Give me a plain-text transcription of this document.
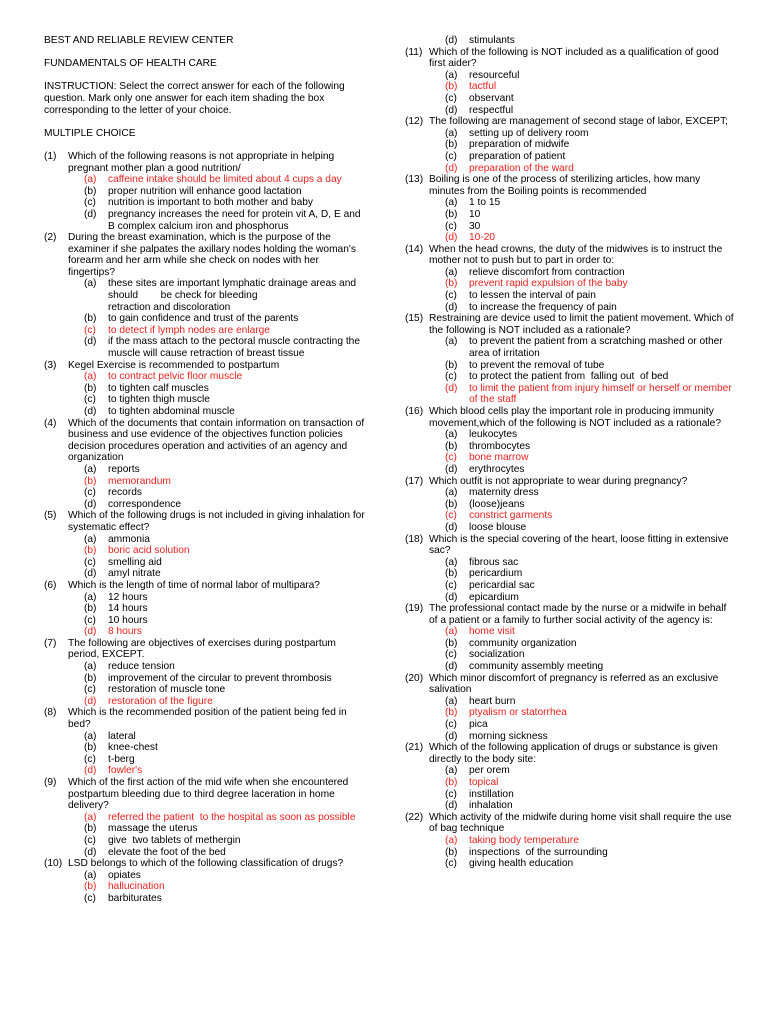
BEST AND RELIABLE REVIEW CENTER
FUNDAMENTALS OF HEALTH CARE
INSTRUCTION: Select the correct answer for each of the following question. Mark only one answer for each item shading the box corresponding to the letter of your choice.
MULTIPLE CHOICE
(1)	Which of the following reasons is not appropriate in helping pregnant mother plan a good nutrition/
(a)	caffeine intake should be limited about 4 cups a day
(b)	proper nutrition will enhance good lactation
(c)	nutrition is important to both mother and baby
(d)	pregnancy increases the need for protein vit A, D, E and B complex calcium iron and phosphorus
(2)	During the breast examination, which is the purpose of the examiner if she palpates the axillary nodes holding the woman's forearm and her arm while she check on nodes with her fingertips?
(a)	these sites are important lymphatic drainage areas and should        be check for bleeding
retraction and discoloration
(b)	to gain confidence and trust of the parents
(c)	to detect if lymph nodes are enlarge
(d)	if the mass attach to the pectoral muscle contracting the muscle will cause retraction of breast tissue
(3)	Kegel Exercise is recommended to postpartum
(a)	to contract pelvic floor muscle
(b)	to tighten calf muscles
(c)	to tighten thigh muscle
(d)	to tighten abdominal muscle
(4)	Which of the documents that contain information on transaction of business and use evidence of the objectives function policies decision procedures operation and activities of an agency and organization
(a)	reports
(b)	memorandum
(c)	records
(d)	correspondence
(5)	Which of the following drugs is not included in giving inhalation for systematic effect?
(a)	ammonia
(b)	boric acid solution
(c)	smelling aid
(d)	amyl nitrate
(6)	Which is the length of time of normal labor of multipara?
(a)	12 hours
(b)	14 hours
(c)	10 hours
(d)	8 hours
(7)	The following are objectives of exercises during postpartum period, EXCEPT.
(a)	reduce tension
(b)	improvement of the circular to prevent thrombosis
(c)	restoration of muscle tone
(d)	restoration of the figure
(8)	Which is the recommended position of the patient being fed in bed?
(a)	lateral
(b)	knee-chest
(c)	t-berg
(d)	fowler's
(9)	Which of the first action of the mid wife when she encountered postpartum bleeding due to third degree laceration in home delivery?
(a)	referred the patient  to the hospital as soon as possible
(b)	massage the uterus
(c)	give  two tablets of methergin
(d)	elevate the foot of the bed
(10) LSD belongs to which of the following classification of drugs?
(a)	opiates
(b)	hallucination
(c)	barbiturates
(d)	stimulants
(11) Which of the following is NOT included as a qualification of good first aider?
(a)	resourceful
(b)	tactful
(c)	observant
(d)	respectful
(12) The following are management of second stage of labor, EXCEPT;
(a)	setting up of delivery room
(b)	preparation of midwife
(c)	preparation of patient
(d)	preparation of the ward
(13) Boiling is one of the process of sterilizing articles, how many minutes from the Boiling points is recommended
(a)	1 to 15
(b)	10
(c)	30
(d)	10-20
(14) When the head crowns, the duty of the midwives is to instruct the mother not to push but to part in order to:
(a)	relieve discomfort from contraction
(b)	prevent rapid expulsion of the baby
(c)	to lessen the interval of pain
(d)	to increase the frequency of pain
(15) Restraining are device used to limit the patient movement. Which of the following is NOT included as a rationale?
(a)	to prevent the patient from a scratching mashed or other area of irritation
(b)	to prevent the removal of tube
(c)	to protect the patient from  falling out  of bed
(d)	to limit the patient from injury himself or herself or member of the staff
(16) Which blood cells play the important role in producing immunity movement,which of the following is NOT included as a rationale?
(a)	leukocytes
(b)	thrombocytes
(c)	bone marrow
(d)	erythrocytes
(17) Which outfit is not appropriate to wear during pregnancy?
(a)	maternity dress
(b)	(loose)jeans
(c)	constrict garments
(d)	loose blouse
(18) Which is the special covering of the heart, loose fitting in extensive sac?
(a)	fibrous sac
(b)	pericardium
(c)	pericardial sac
(d)	epicardium
(19) The professional contact made by the nurse or a midwife in behalf of a patient or a family to further social activity of the agency is:
(a)	home visit
(b)	community organization
(c)	socialization
(d)	community assembly meeting
(20) Which minor discomfort of pregnancy is referred as an exclusive salivation
(a)	heart burn
(b)	ptyalism or statorrhea
(c)	pica
(d)	morning sickness
(21) Which of the following application of drugs or substance is given directly to the body site:
(a)	per orem
(b)	topical
(c)	instillation
(d)	inhalation
(22) Which activity of the midwife during home visit shall require the use of bag technique
(a)	taking body temperature
(b)	inspections  of the surrounding
(c)	giving health education
